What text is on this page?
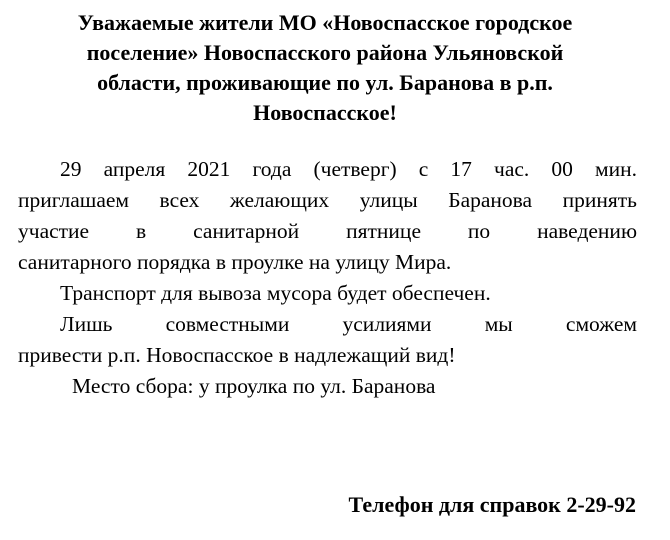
Уважаемые жители МО «Новоспасское городское
поселение» Новоспасского района Ульяновской
области, проживающие по ул. Баранова в р.п.
Новоспасское!
29 апреля 2021 года (четверг) с 17 час. 00 мин.
приглашаем всех желающих улицы Баранова принять
участие в санитарной пятнице по наведению
санитарного порядка в проулке на улицу Мира.
Транспорт для вывоза мусора будет обеспечен.
Лишь совместными усилиями мы сможем
привести р.п. Новоспасское в надлежащий вид!
Место сбора: у проулка по ул. Баранова
Телефон для справок 2-29-92
